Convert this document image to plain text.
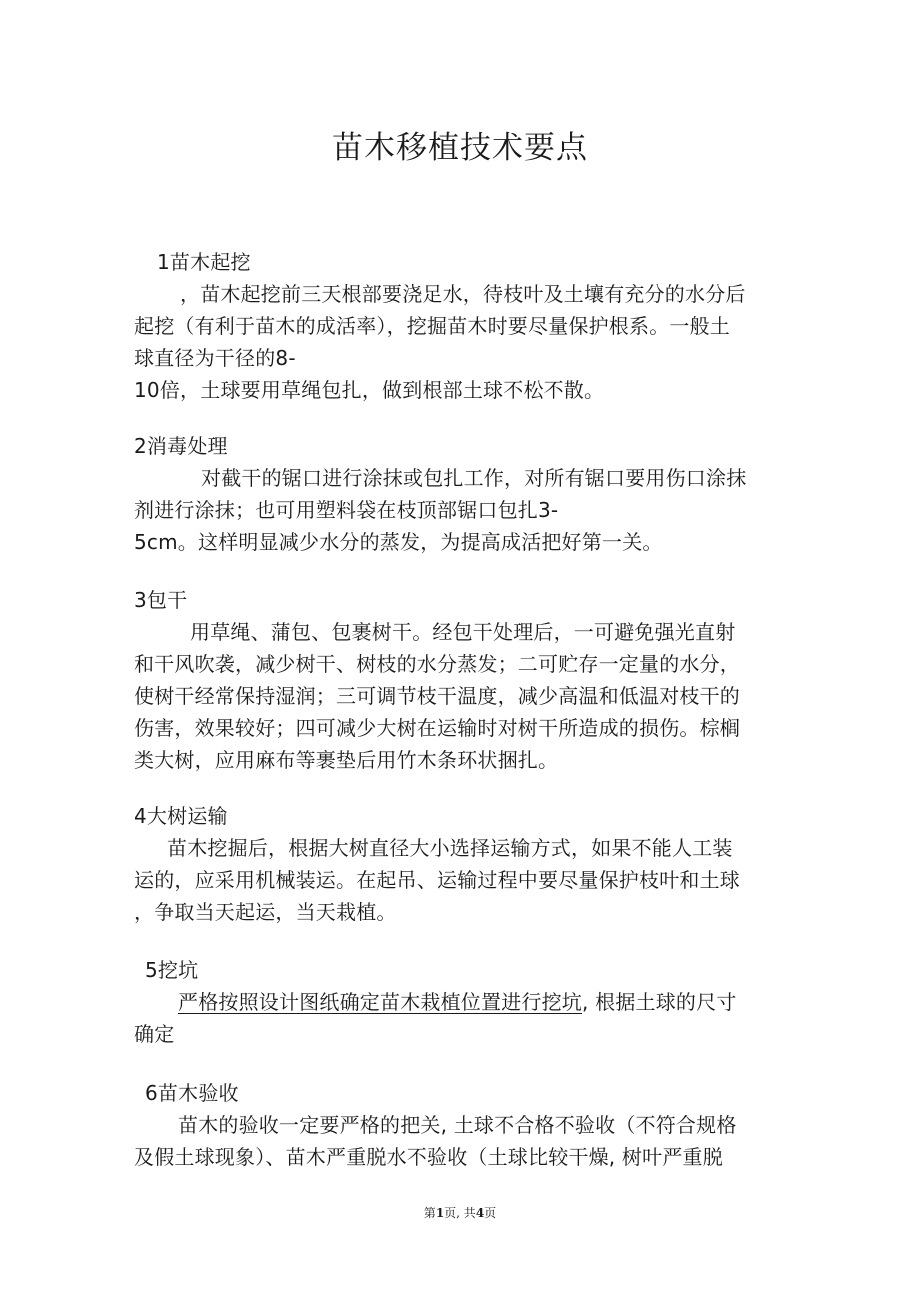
苗木移植技术要点
1苗木起挖
，苗木起挖前三天根部要浇足水，待枝叶及土壤有充分的水分后
起挖（有利于苗木的成活率），挖掘苗木时要尽量保护根系。一般土
球直径为干径的8-
10倍，土球要用草绳包扎，做到根部土球不松不散。
2消毒处理
对截干的锯口进行涂抹或包扎工作，对所有锯口要用伤口涂抹
剂进行涂抹；也可用塑料袋在枝顶部锯口包扎3-
5cm。这样明显减少水分的蒸发，为提高成活把好第一关。
3包干
用草绳、蒲包、包裹树干。经包干处理后，一可避免强光直射
和干风吹袭，减少树干、树枝的水分蒸发；二可贮存一定量的水分，
使树干经常保持湿润；三可调节枝干温度，减少高温和低温对枝干的
伤害，效果较好；四可减少大树在运输时对树干所造成的损伤。棕榈
类大树，应用麻布等裹垫后用竹木条环状捆扎。
4大树运输
苗木挖掘后，根据大树直径大小选择运输方式，如果不能人工装
运的，应采用机械装运。在起吊、运输过程中要尽量保护枝叶和土球
，争取当天起运，当天栽植。
5挖坑
严格按照设计图纸确定苗木栽植位置进行挖坑, 根据土球的尺寸
确定
6苗木验收
苗木的验收一定要严格的把关, 土球不合格不验收（不符合规格
及假土球现象）、苗木严重脱水不验收（土球比较干燥, 树叶严重脱
第1页, 共4页
